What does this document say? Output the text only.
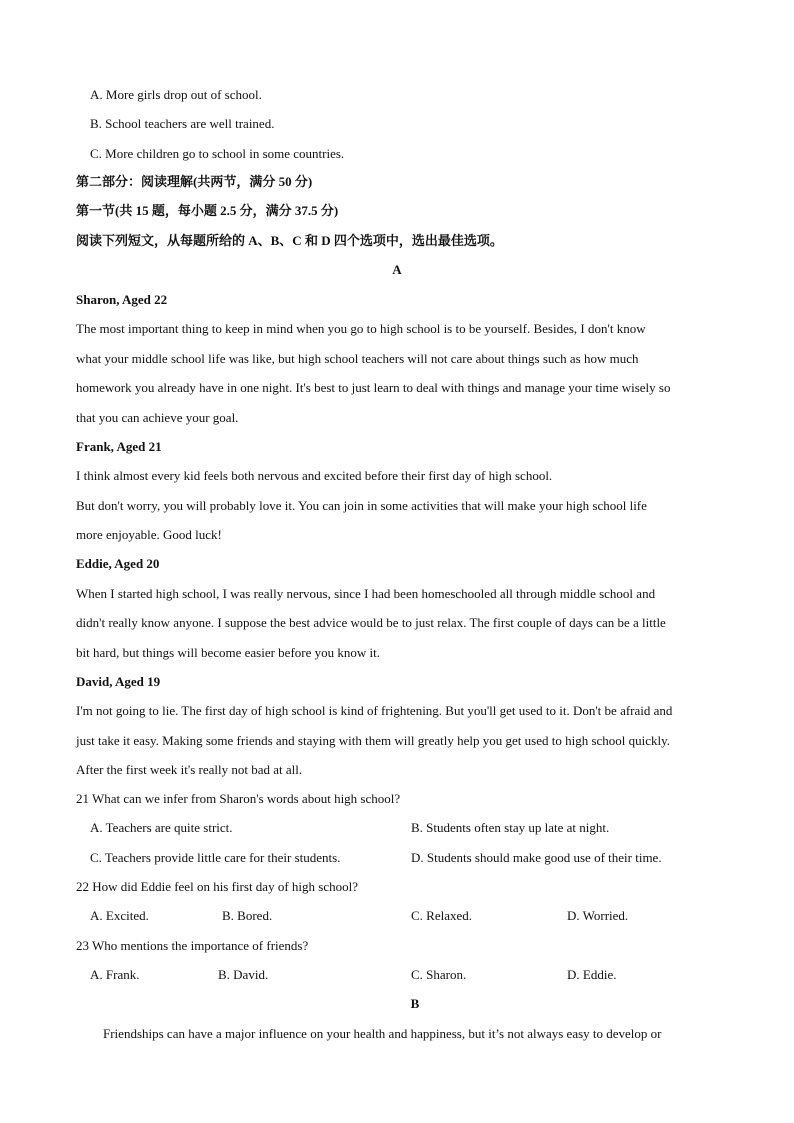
A. More girls drop out of school.
B. School teachers are well trained.
C. More children go to school in some countries.
第二部分：阅读理解(共两节，满分 50 分)
第一节(共 15 题，每小题 2.5 分，满分 37.5 分)
阅读下列短文，从每题所给的 A、B、C 和 D 四个选项中，选出最佳选项。
A
Sharon, Aged 22
The most important thing to keep in mind when you go to high school is to be yourself. Besides, I don't know
what your middle school life was like, but high school teachers will not care about things such as how much
homework you already have in one night. It's best to just learn to deal with things and manage your time wisely so
that you can achieve your goal.
Frank, Aged 21
I think almost every kid feels both nervous and excited before their first day of high school.
But don't worry, you will probably love it. You can join in some activities that will make your high school life
more enjoyable. Good luck!
Eddie, Aged 20
When I started high school, I was really nervous, since I had been homeschooled all through middle school and
didn't really know anyone. I suppose the best advice would be to just relax. The first couple of days can be a little
bit hard, but things will become easier before you know it.
David, Aged 19
I'm not going to lie. The first day of high school is kind of frightening. But you'll get used to it. Don't be afraid and
just take it easy. Making some friends and staying with them will greatly help you get used to high school quickly.
After the first week it's really not bad at all.
21 What can we infer from Sharon's words about high school?
A. Teachers are quite strict.	B. Students often stay up late at night.
C. Teachers provide little care for their students.	D. Students should make good use of their time.
22 How did Eddie feel on his first day of high school?
A. Excited.	B. Bored.	C. Relaxed.	D. Worried.
23 Who mentions the importance of friends?
A. Frank.	B. David.	C. Sharon.	D. Eddie.
B
Friendships can have a major influence on your health and happiness, but it’s not always easy to develop or
